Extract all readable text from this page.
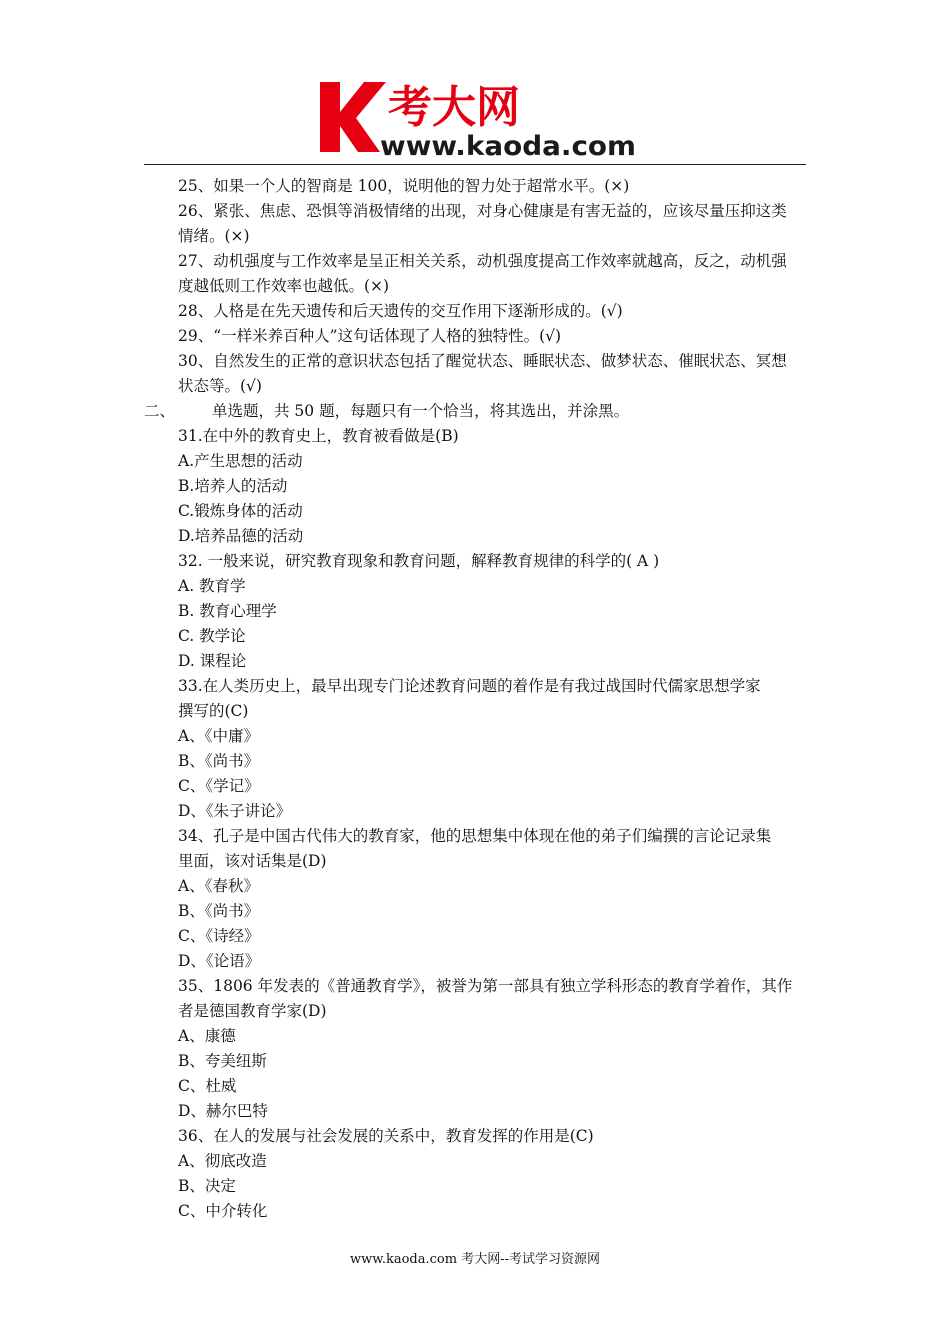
考大网
www.kaoda.com
25、如果一个人的智商是 100，说明他的智力处于超常水平。(×)
26、紧张、焦虑、恐惧等消极情绪的出现，对身心健康是有害无益的，应该尽量压抑这类
情绪。(×)
27、动机强度与工作效率是呈正相关关系，动机强度提高工作效率就越高，反之，动机强
度越低则工作效率也越低。(×)
28、人格是在先天遗传和后天遗传的交互作用下逐渐形成的。(√)
29、“一样米养百种人”这句话体现了人格的独特性。(√)
30、自然发生的正常的意识状态包括了醒觉状态、睡眠状态、做梦状态、催眠状态、冥想
状态等。(√)
二、	单选题，共 50 题，每题只有一个恰当，将其选出，并涂黑。
31.在中外的教育史上，教育被看做是(B)
A.产生思想的活动
B.培养人的活动
C.锻炼身体的活动
D.培养品德的活动
32. 一般来说，研究教育现象和教育问题，解释教育规律的科学的( A )
A. 教育学
B. 教育心理学
C. 教学论
D. 课程论
33.在人类历史上，最早出现专门论述教育问题的着作是有我过战国时代儒家思想学家
撰写的(C)
A、《中庸》
B、《尚书》
C、《学记》
D、《朱子讲论》
34、孔子是中国古代伟大的教育家，他的思想集中体现在他的弟子们编撰的言论记录集
里面，该对话集是(D)
A、《春秋》
B、《尚书》
C、《诗经》
D、《论语》
35、1806 年发表的《普通教育学》，被誉为第一部具有独立学科形态的教育学着作，其作
者是德国教育学家(D)
A、康德
B、夸美纽斯
C、杜威
D、赫尔巴特
36、在人的发展与社会发展的关系中，教育发挥的作用是(C)
A、彻底改造
B、决定
C、中介转化
www.kaoda.com 考大网--考试学习资源网
